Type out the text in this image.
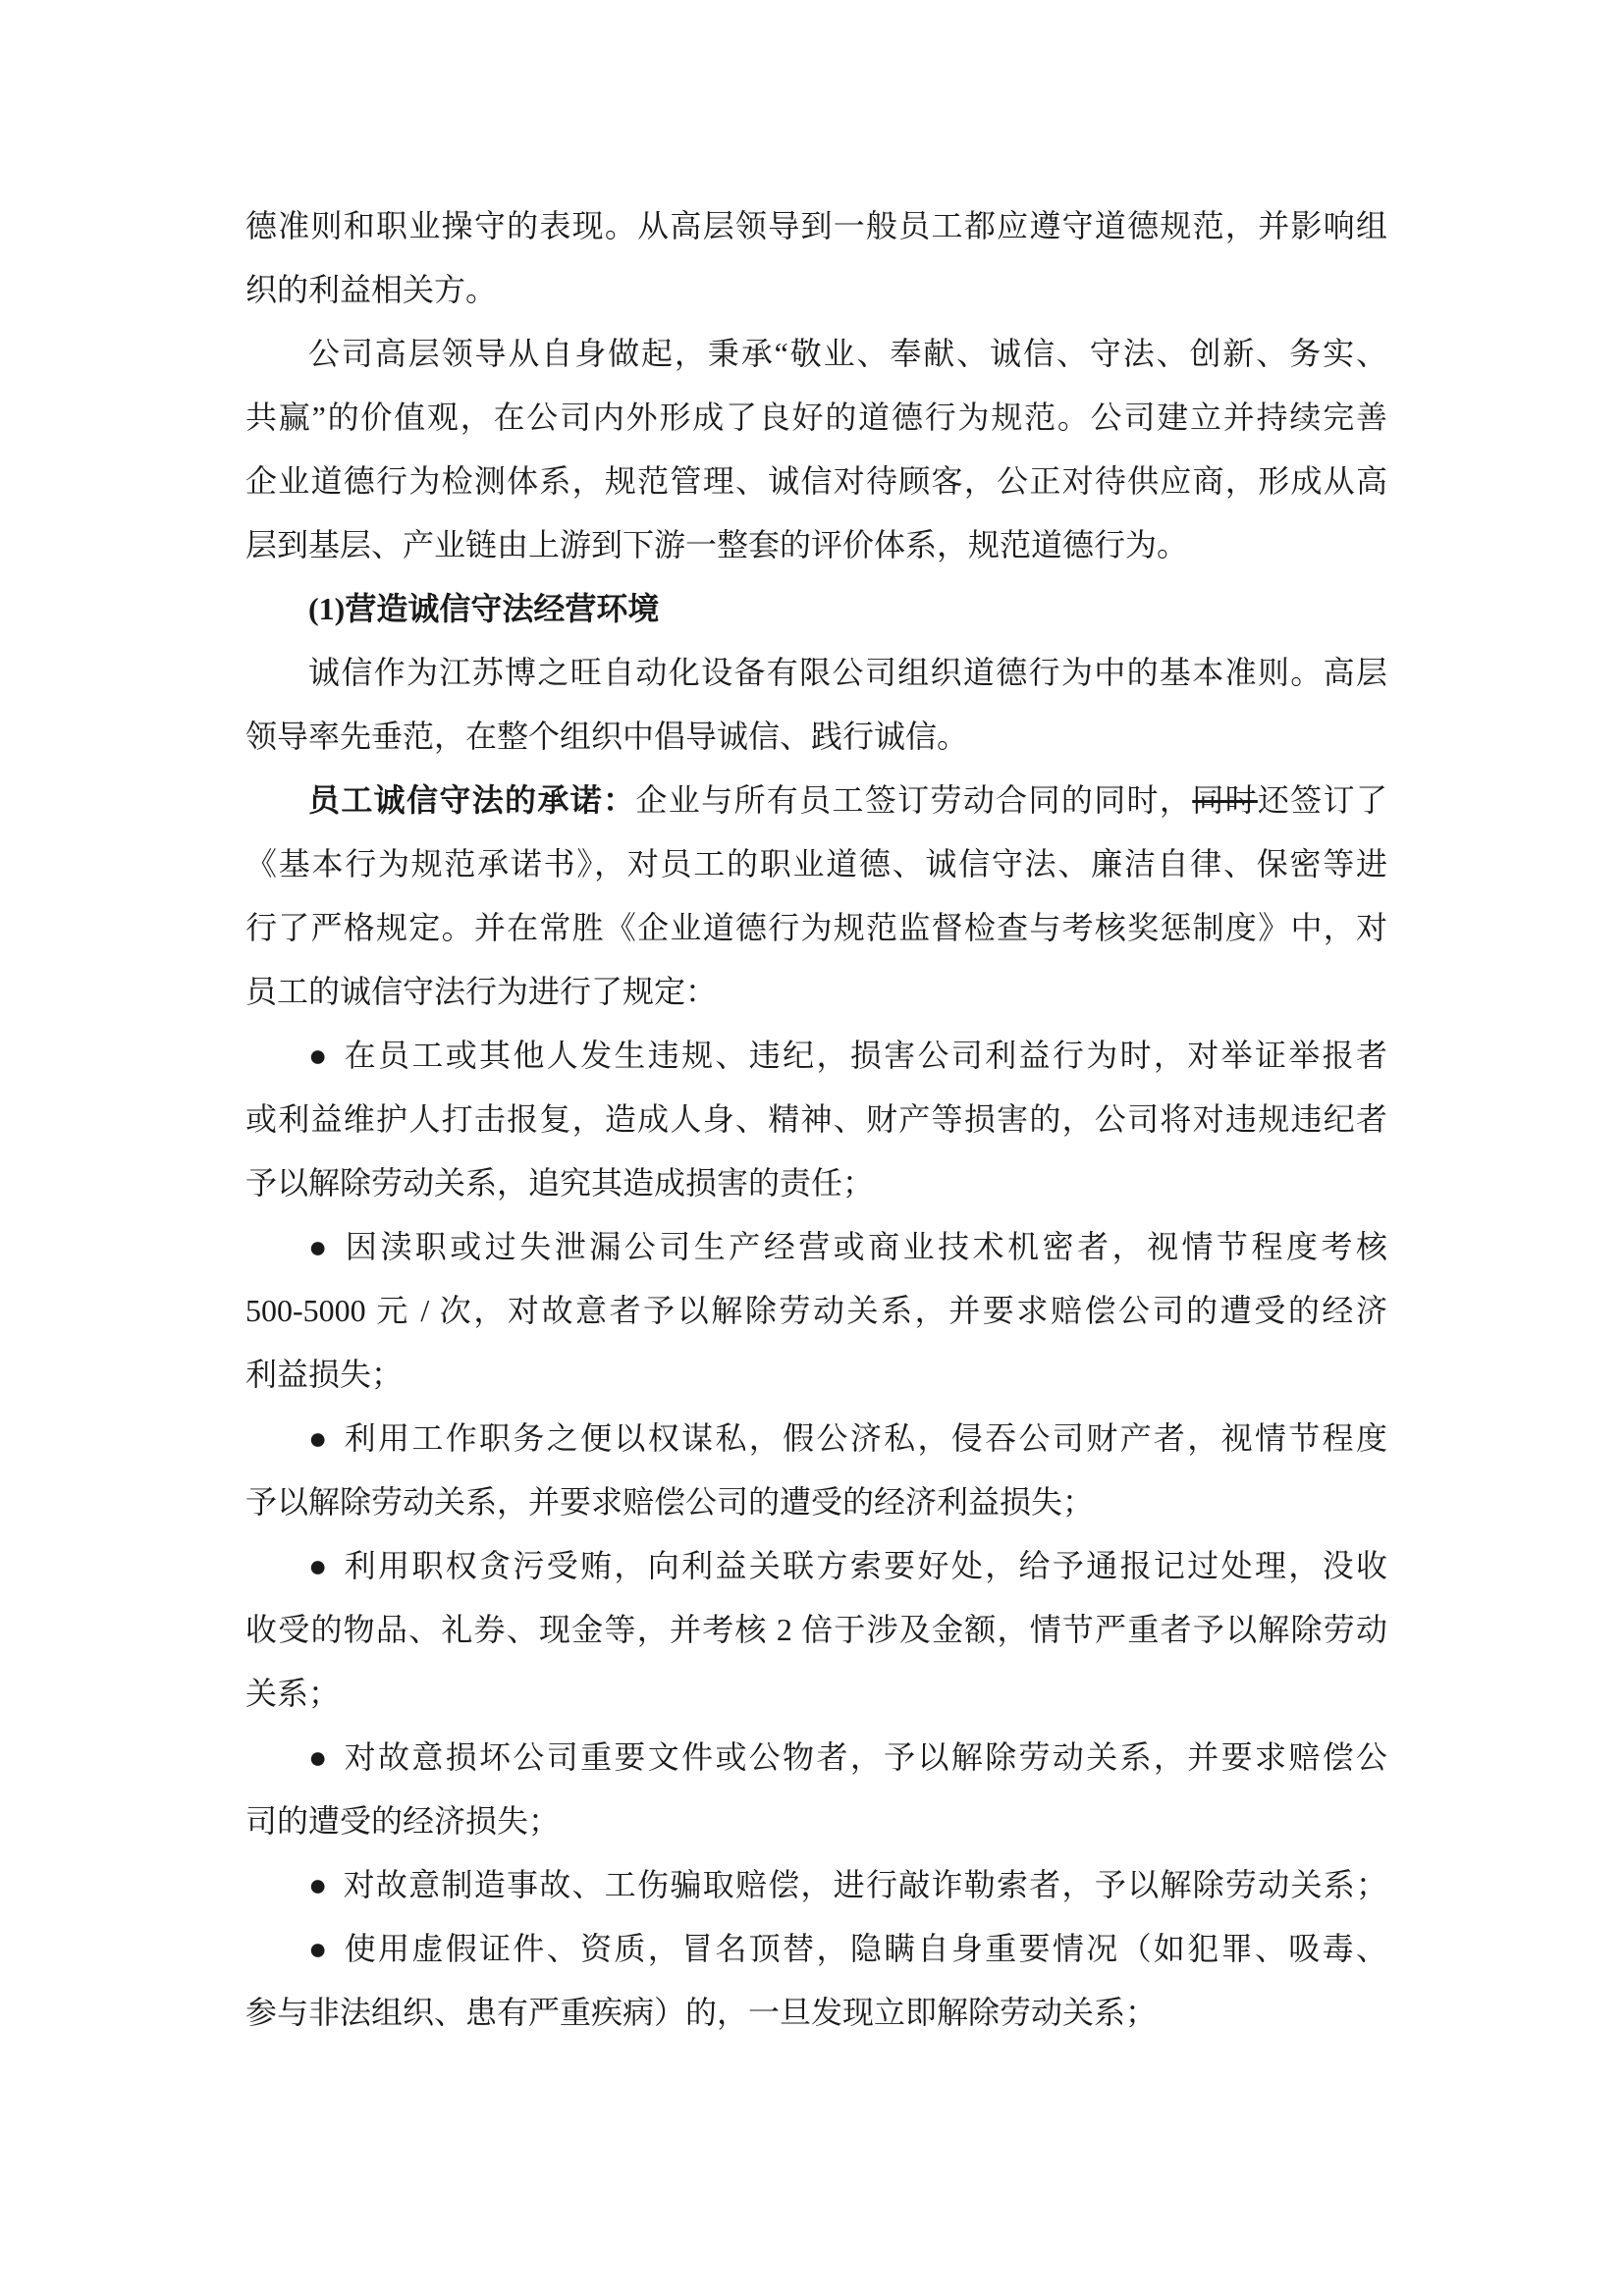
德准则和职业操守的表现。从高层领导到一般员工都应遵守道德规范，并影响组
织的利益相关方。
公司高层领导从自身做起，秉承“敬业、奉献、诚信、守法、创新、务实、
共赢”的价值观，在公司内外形成了良好的道德行为规范。公司建立并持续完善
企业道德行为检测体系，规范管理、诚信对待顾客，公正对待供应商，形成从高
层到基层、产业链由上游到下游一整套的评价体系，规范道德行为。
(1)营造诚信守法经营环境
诚信作为江苏博之旺自动化设备有限公司组织道德行为中的基本准则。高层
领导率先垂范，在整个组织中倡导诚信、践行诚信。
员工诚信守法的承诺：企业与所有员工签订劳动合同的同时，同时还签订了
《基本行为规范承诺书》，对员工的职业道德、诚信守法、廉洁自律、保密等进
行了严格规定。并在常胜《企业道德行为规范监督检查与考核奖惩制度》中，对
员工的诚信守法行为进行了规定：
● 在员工或其他人发生违规、违纪，损害公司利益行为时，对举证举报者
或利益维护人打击报复，造成人身、精神、财产等损害的，公司将对违规违纪者
予以解除劳动关系，追究其造成损害的责任；
● 因渎职或过失泄漏公司生产经营或商业技术机密者，视情节程度考核
500-5000 元 / 次，对故意者予以解除劳动关系，并要求赔偿公司的遭受的经济
利益损失；
● 利用工作职务之便以权谋私，假公济私，侵吞公司财产者，视情节程度
予以解除劳动关系，并要求赔偿公司的遭受的经济利益损失；
● 利用职权贪污受贿，向利益关联方索要好处，给予通报记过处理，没收
收受的物品、礼券、现金等，并考核 2 倍于涉及金额，情节严重者予以解除劳动
关系；
● 对故意损坏公司重要文件或公物者，予以解除劳动关系，并要求赔偿公
司的遭受的经济损失；
● 对故意制造事故、工伤骗取赔偿，进行敲诈勒索者，予以解除劳动关系；
● 使用虚假证件、资质，冒名顶替，隐瞒自身重要情况（如犯罪、吸毒、
参与非法组织、患有严重疾病）的，一旦发现立即解除劳动关系；
